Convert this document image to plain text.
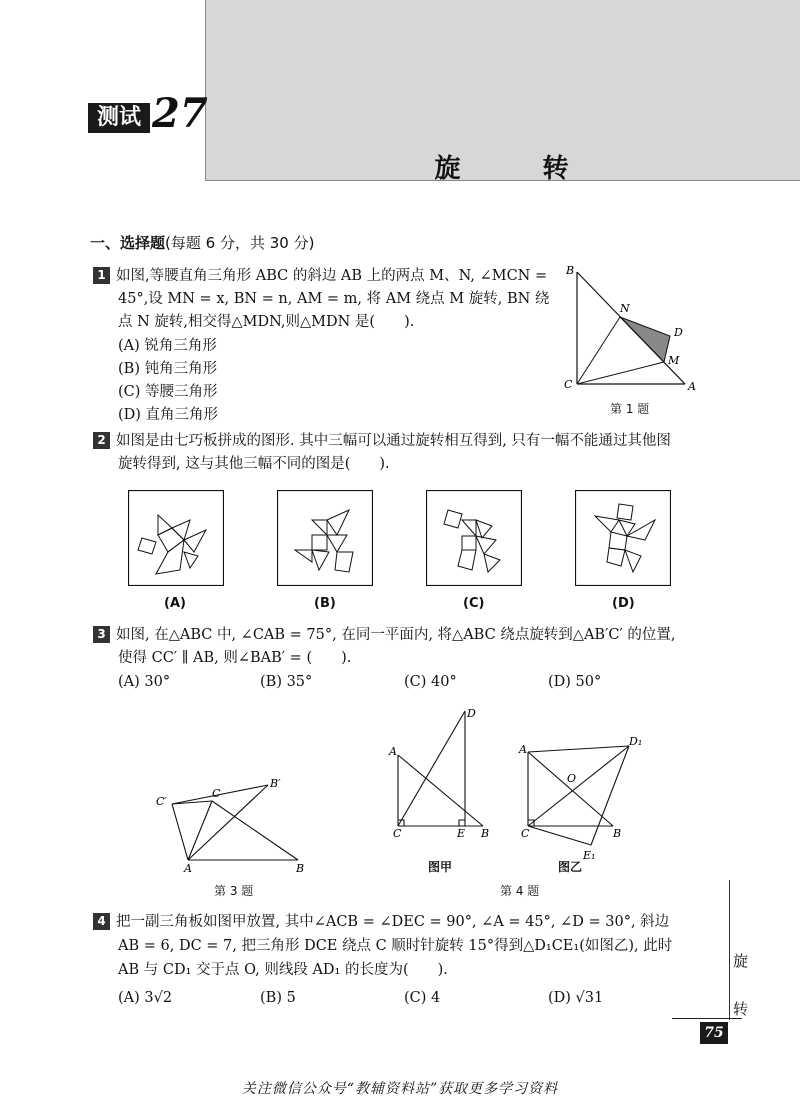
测试 27
旋	转
一、选择题(每题 6 分，共 30 分)
1 如图,等腰直角三角形 ABC 的斜边 AB 上的两点 M、N, ∠MCN =
45°,设 MN = x, BN = n, AM = m, 将 AM 绕点 M 旋转, BN 绕
点 N 旋转,相交得△MDN,则△MDN 是(　　).
(A) 锐角三角形
(B) 钝角三角形
(C) 等腰三角形
(D) 直角三角形
B
N
D
M
C	A
第 1 题
2 如图是由七巧板拼成的图形. 其中三幅可以通过旋转相互得到, 只有一幅不能通过其他图
旋转得到, 这与其他三幅不同的图是(　　).
(A)	(B)	(C)	(D)
3 如图, 在△ABC 中, ∠CAB = 75°, 在同一平面内, 将△ABC 绕点旋转到△AB′C′ 的位置,
使得 CC′ ∥ AB, 则∠BAB′ = (　　).
(A) 30°	(B) 35°	(C) 40°	(D) 50°
B′
C′
C
A	B
第 3 题
D
A
C	E B
图甲
A
D₁
O
C	B
E₁
图乙
第 4 题
4 把一副三角板如图甲放置, 其中∠ACB = ∠DEC = 90°, ∠A = 45°, ∠D = 30°, 斜边
AB = 6, DC = 7, 把三角形 DCE 绕点 C 顺时针旋转 15°得到△D₁CE₁(如图乙), 此时
AB 与 CD₁ 交于点 O, 则线段 AD₁ 的长度为(　　).
(A) 3√2	(B) 5	(C) 4	(D) √31
旋
转
75
关注微信公众号“教辅资料站”获取更多学习资料
